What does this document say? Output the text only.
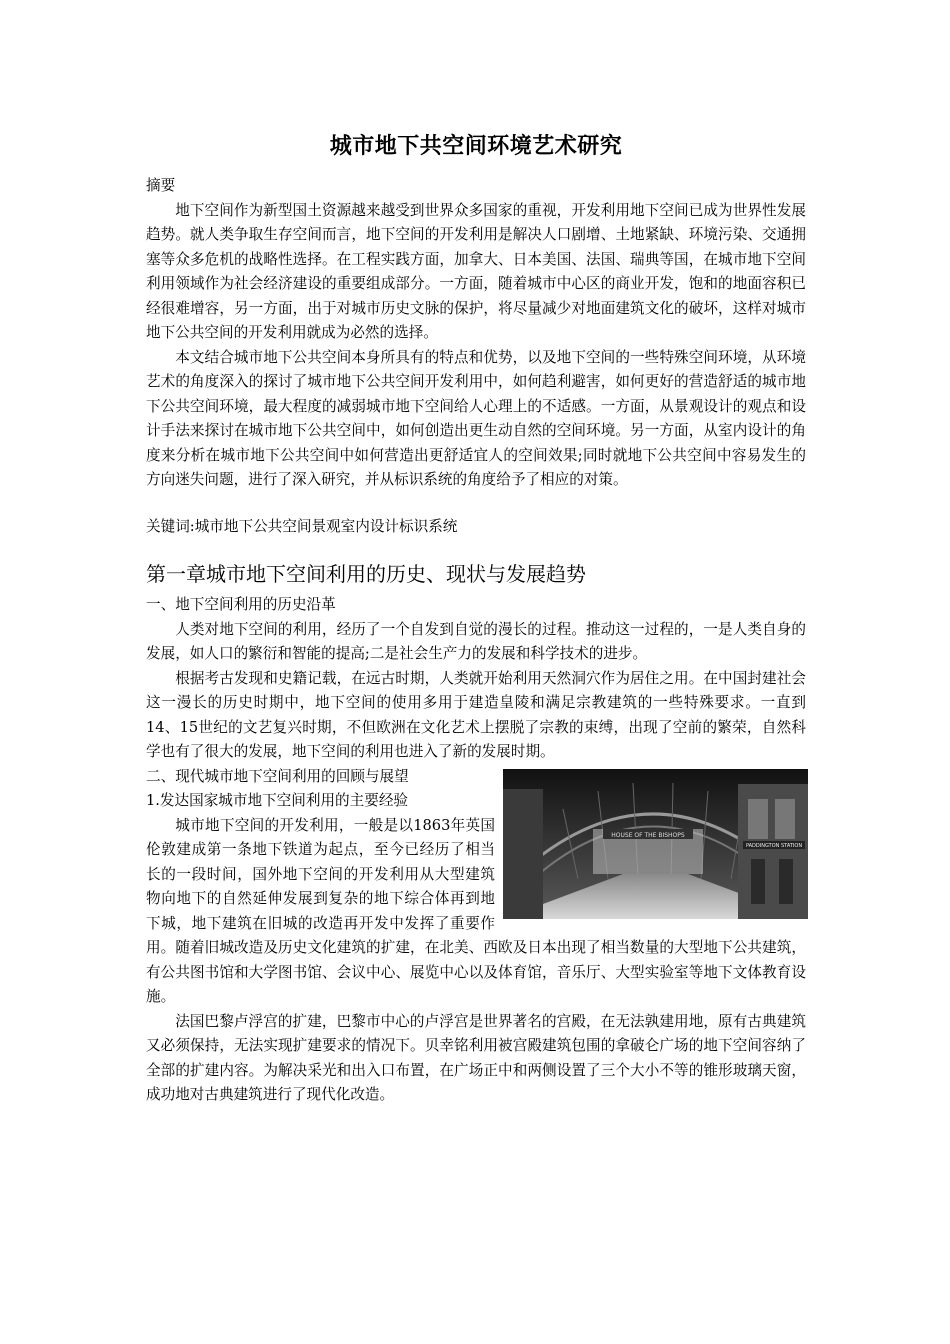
城市地下共空间环境艺术研究

摘要

地下空间作为新型国土资源越来越受到世界众多国家的重视，开发利用地下空间已成为世界性发展趋势。就人类争取生存空间而言，地下空间的开发利用是解决人口剧增、土地紧缺、环境污染、交通拥塞等众多危机的战略性选择。在工程实践方面，加拿大、日本美国、法国、瑞典等国，在城市地下空间利用领域作为社会经济建设的重要组成部分。一方面，随着城市中心区的商业开发，饱和的地面容积已经很难增容，另一方面，出于对城市历史文脉的保护，将尽量减少对地面建筑文化的破坏，这样对城市地下公共空间的开发利用就成为必然的选择。

本文结合城市地下公共空间本身所具有的特点和优势，以及地下空间的一些特殊空间环境，从环境艺术的角度深入的探讨了城市地下公共空间开发利用中，如何趋利避害，如何更好的营造舒适的城市地下公共空间环境，最大程度的减弱城市地下空间给人心理上的不适感。一方面，从景观设计的观点和设计手法来探讨在城市地下公共空间中，如何创造出更生动自然的空间环境。另一方面，从室内设计的角度来分析在城市地下公共空间中如何营造出更舒适宜人的空间效果;同时就地下公共空间中容易发生的方向迷失问题，进行了深入研究，并从标识系统的角度给予了相应的对策。

关键词:城市地下公共空间景观室内设计标识系统

第一章城市地下空间利用的历史、现状与发展趋势

一、地下空间利用的历史沿革

人类对地下空间的利用，经历了一个自发到自觉的漫长的过程。推动这一过程的，一是人类自身的发展，如人口的繁衍和智能的提高;二是社会生产力的发展和科学技术的进步。

根据考古发现和史籍记载，在远古时期，人类就开始利用天然洞穴作为居住之用。在中国封建社会这一漫长的历史时期中，地下空间的使用多用于建造皇陵和满足宗教建筑的一些特殊要求。一直到14、15世纪的文艺复兴时期，不但欧洲在文化艺术上摆脱了宗教的束缚，出现了空前的繁荣，自然科学也有了很大的发展，地下空间的利用也进入了新的发展时期。

HOUSE OF THE BISHOPS
PADDINGTON STATION

二、现代城市地下空间利用的回顾与展望

1.发达国家城市地下空间利用的主要经验

城市地下空间的开发利用，一般是以1863年英国伦敦建成第一条地下铁道为起点，至今已经历了相当长的一段时间，国外地下空间的开发利用从大型建筑物向地下的自然延伸发展到复杂的地下综合体再到地下城，地下建筑在旧城的改造再开发中发挥了重要作用。随着旧城改造及历史文化建筑的扩建，在北美、西欧及日本出现了相当数量的大型地下公共建筑，有公共图书馆和大学图书馆、会议中心、展览中心以及体育馆，音乐厅、大型实验室等地下文体教育设施。

法国巴黎卢浮宫的扩建，巴黎市中心的卢浮宫是世界著名的宫殿，在无法孰建用地，原有古典建筑又必须保持，无法实现扩建要求的情况下。贝幸铭利用被宫殿建筑包围的拿破仑广场的地下空间容纳了全部的扩建内容。为解决采光和出入口布置，在广场正中和两侧设置了三个大小不等的锥形玻璃天窗，成功地对古典建筑进行了现代化改造。
